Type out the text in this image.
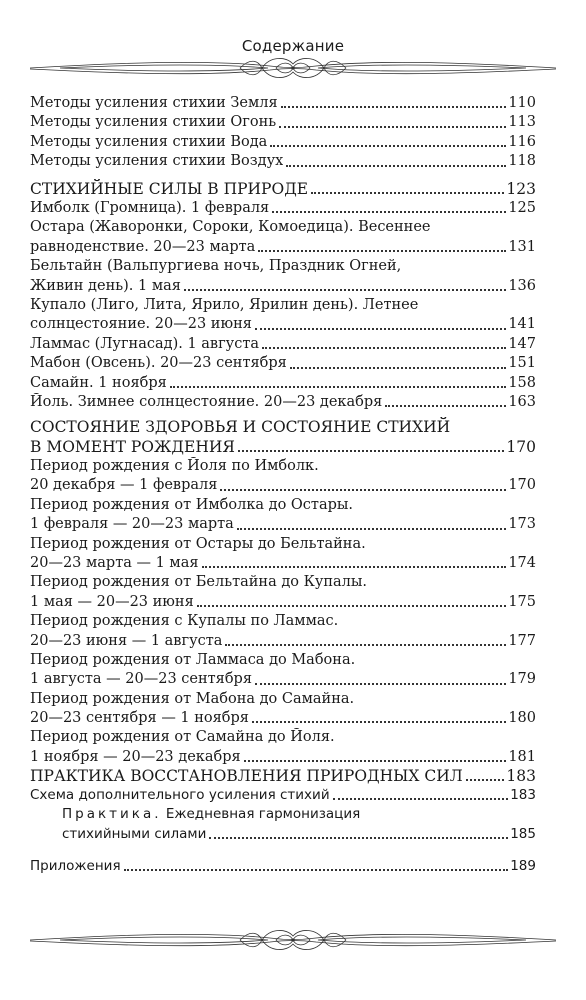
Содержание
Методы усиления стихии Земля	110
Методы усиления стихии Огонь	113
Методы усиления стихии Вода	116
Методы усиления стихии Воздух	118
СТИХИЙНЫЕ СИЛЫ В ПРИРОДЕ	123
Имболк (Громница). 1 февраля	125
Остара (Жаворонки, Сороки, Комоедица). Весеннее
равноденствие. 20—23 марта	131
Бельтайн (Вальпургиева ночь, Праздник Огней,
Живин день). 1 мая	136
Купало (Лиго, Лита, Ярило, Ярилин день). Летнее
солнцестояние. 20—23 июня	141
Ламмас (Лугнасад). 1 августа	147
Мабон (Овсень). 20—23 сентября	151
Самайн. 1 ноября	158
Йоль. Зимнее солнцестояние. 20—23 декабря	163
СОСТОЯНИЕ ЗДОРОВЬЯ И СОСТОЯНИЕ СТИХИЙ
В МОМЕНТ РОЖДЕНИЯ	170
Период рождения с Йоля по Имболк.
20 декабря — 1 февраля	170
Период рождения от Имболка до Остары.
1 февраля — 20—23 марта	173
Период рождения от Остары до Бельтайна.
20—23 марта — 1 мая	174
Период рождения от Бельтайна до Купалы.
1 мая — 20—23 июня	175
Период рождения с Купалы по Ламмас.
20—23 июня — 1 августа	177
Период рождения от Ламмаса до Мабона.
1 августа — 20—23 сентября	179
Период рождения от Мабона до Самайна.
20—23 сентября — 1 ноября	180
Период рождения от Самайна до Йоля.
1 ноября — 20—23 декабря	181
ПРАКТИКА ВОССТАНОВЛЕНИЯ ПРИРОДНЫХ СИЛ	183
Схема дополнительного усиления стихий	183
Практика. Ежедневная гармонизация
стихийными силами	185
Приложения	189
